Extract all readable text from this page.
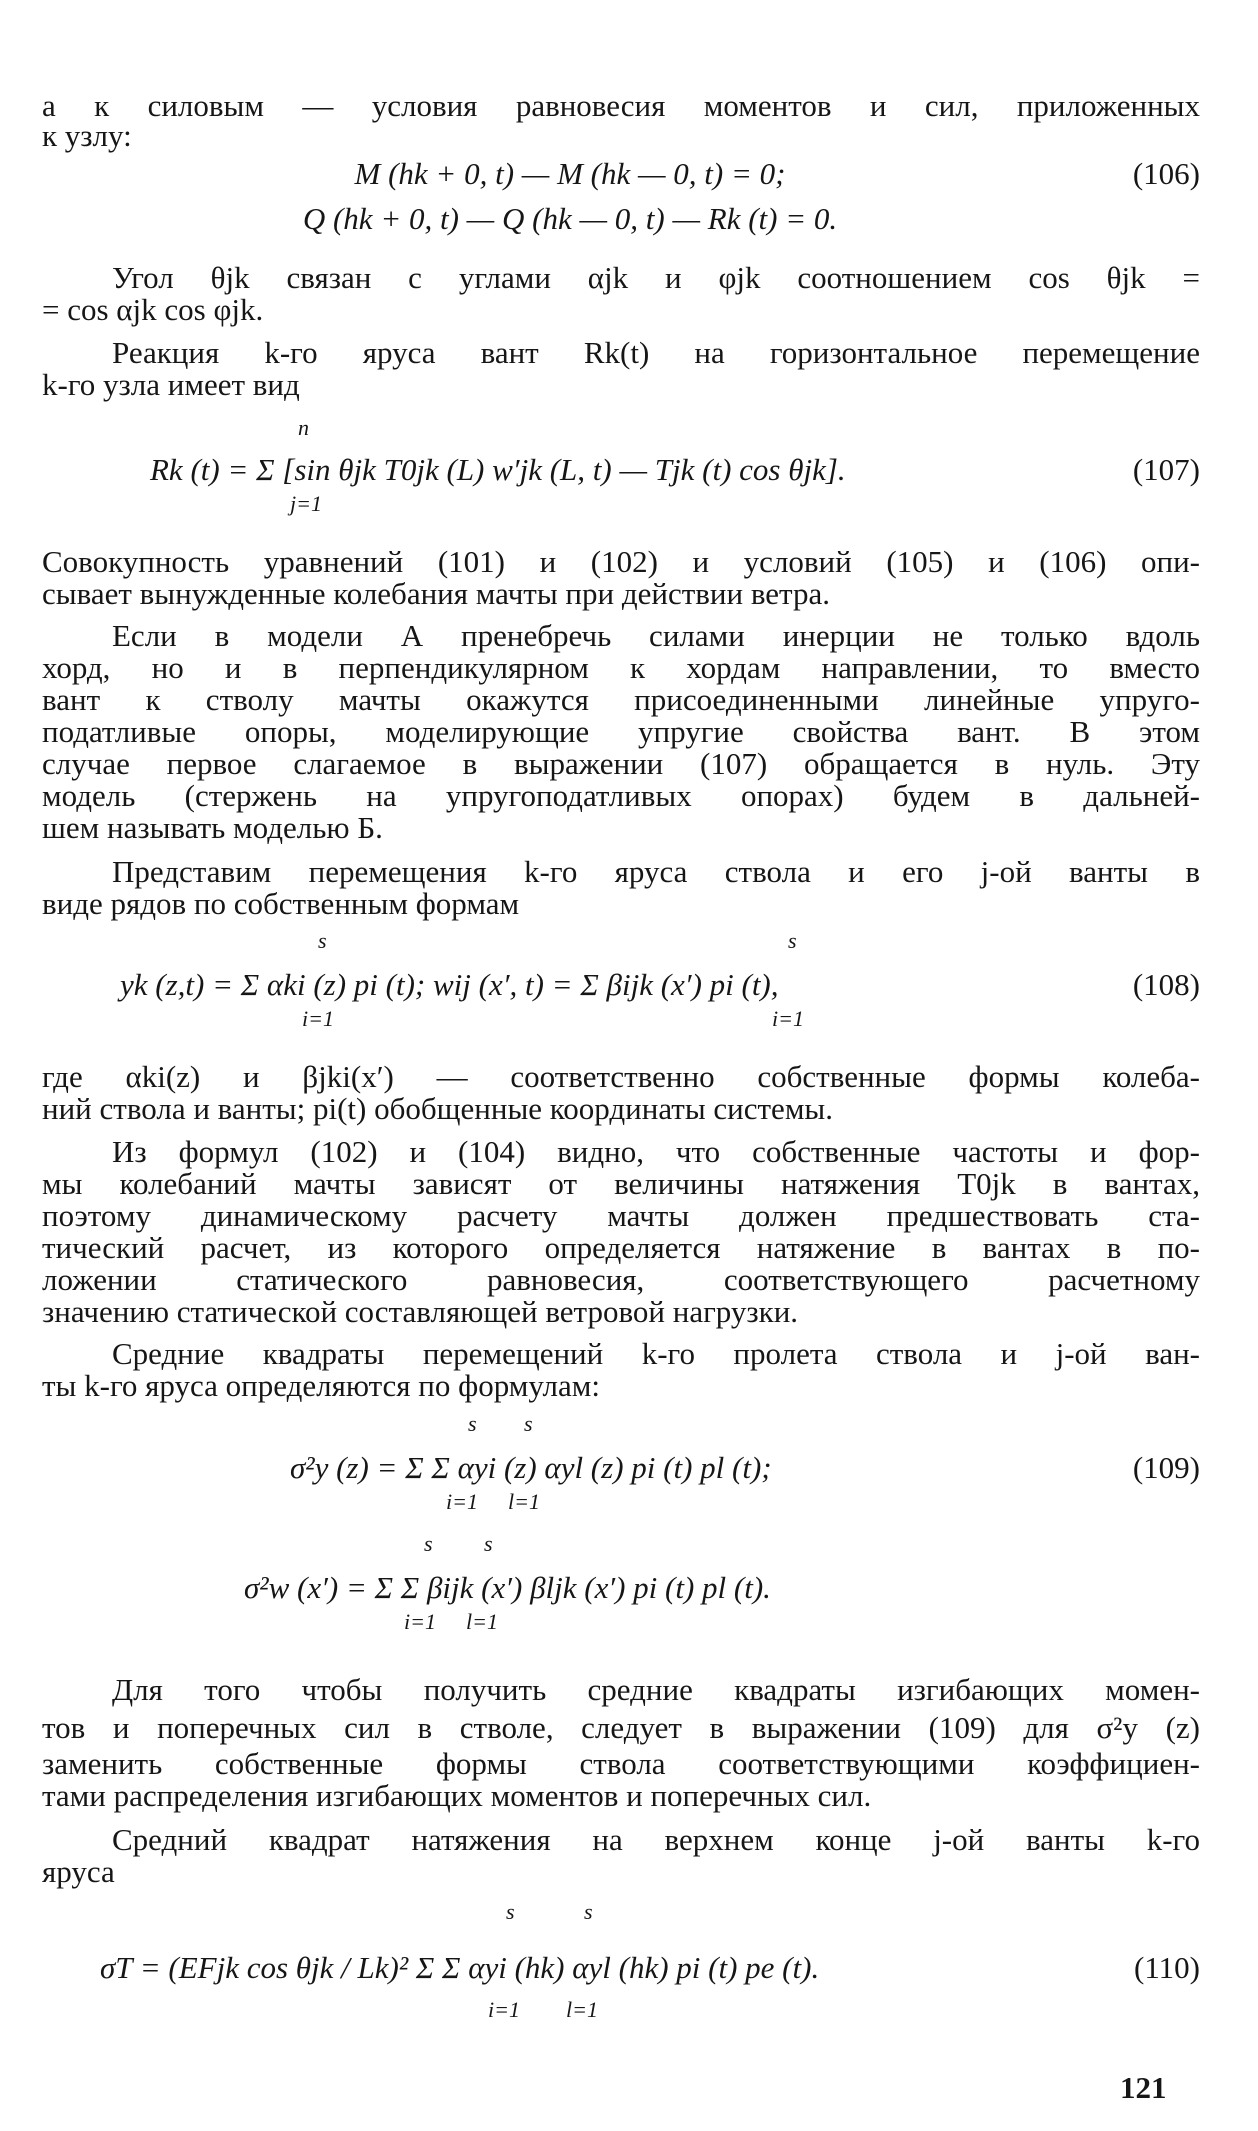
а к силовым — условия равновесия моментов и сил, приложенных
к узлу:
M (hk + 0, t) — M (hk — 0, t) = 0;	(106)
Q (hk + 0, t) — Q (hk — 0, t) — Rk (t) = 0.
Угол θjk связан с углами αjk и φjk соотношением cos θjk =
= cos αjk cos φjk.
Реакция k-го яруса вант Rk(t) на горизонтальное перемещение
k-го узла имеет вид
n
j=1
Rk (t) = Σ [sin θjk T0jk (L) w′jk (L, t) — Tjk (t) cos θjk].	(107)
Совокупность уравнений (101) и (102) и условий (105) и (106) опи-
сывает вынужденные колебания мачты при действии ветра.
Если в модели А пренебречь силами инерции не только вдоль
хорд, но и в перпендикулярном к хордам направлении, то вместо
вант к стволу мачты окажутся присоединенными линейные упруго-
податливые опоры, моделирующие упругие свойства вант. В этом
случае первое слагаемое в выражении (107) обращается в нуль. Эту
модель (стержень на упругоподатливых опорах) будем в дальней-
шем называть моделью Б.
Представим перемещения k-го яруса ствола и его j-ой ванты в
виде рядов по собственным формам
s
i=1
s
i=1
yk (z,t) = Σ αki (z) pi (t); wij (x′, t) = Σ βijk (x′) pi (t),	(108)
где αki(z) и βjki(x′) — соответственно собственные формы колеба-
ний ствола и ванты; pi(t) обобщенные координаты системы.
Из формул (102) и (104) видно, что собственные частоты и фор-
мы колебаний мачты зависят от величины натяжения T0jk в вантах,
поэтому динамическому расчету мачты должен предшествовать ста-
тический расчет, из которого определяется натяжение в вантах в по-
ложении статического равновесия, соответствующего расчетному
значению статической составляющей ветровой нагрузки.
Средние квадраты перемещений k-го пролета ствола и j-ой ван-
ты k-го яруса определяются по формулам:
s
i=1
s
l=1
σ²y (z) = Σ Σ αyi (z) αyl (z) pi (t) pl (t);	(109)
s
i=1
s
l=1
σ²w (x′) = Σ Σ βijk (x′) βljk (x′) pi (t) pl (t).
Для того чтобы получить средние квадраты изгибающих момен-
тов и поперечных сил в стволе, следует в выражении (109) для σ²y (z)
заменить собственные формы ствола соответствующими коэффициен-
тами распределения изгибающих моментов и поперечных сил.
Средний квадрат натяжения на верхнем конце j-ой ванты k-го
яруса
s
i=1
s
l=1
σT = (EFjk cos θjk / Lk)² Σ Σ αyi (hk) αyl (hk) pi (t) pe (t).	(110)
121
